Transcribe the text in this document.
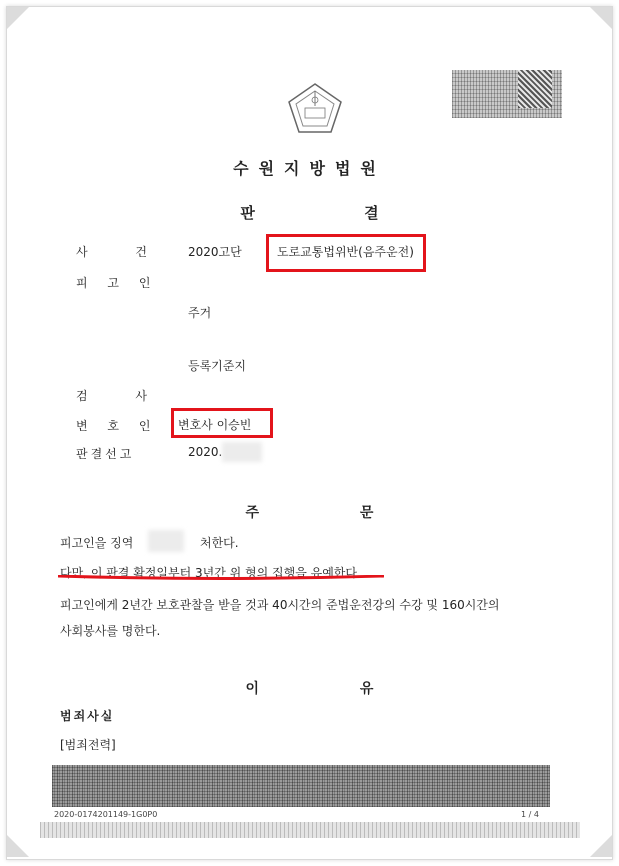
수원지방법원
판 결
사 건 2020고단	도로교통법위반(음주운전)
피 고 인
주거
등록기준지
검 사
변 호 인 변호사 이승빈
판결선고	2020.
주 문
피고인을 징역	처한다.
다만, 이 판결 확정일부터 3년간 위 형의 집행을 유예한다.
피고인에게 2년간 보호관찰을 받을 것과 40시간의 준법운전강의 수강 및 160시간의
사회봉사를 명한다.
이 유
범죄사실
[범죄전력]
2020-0174201149-1G0P0	1 / 4
